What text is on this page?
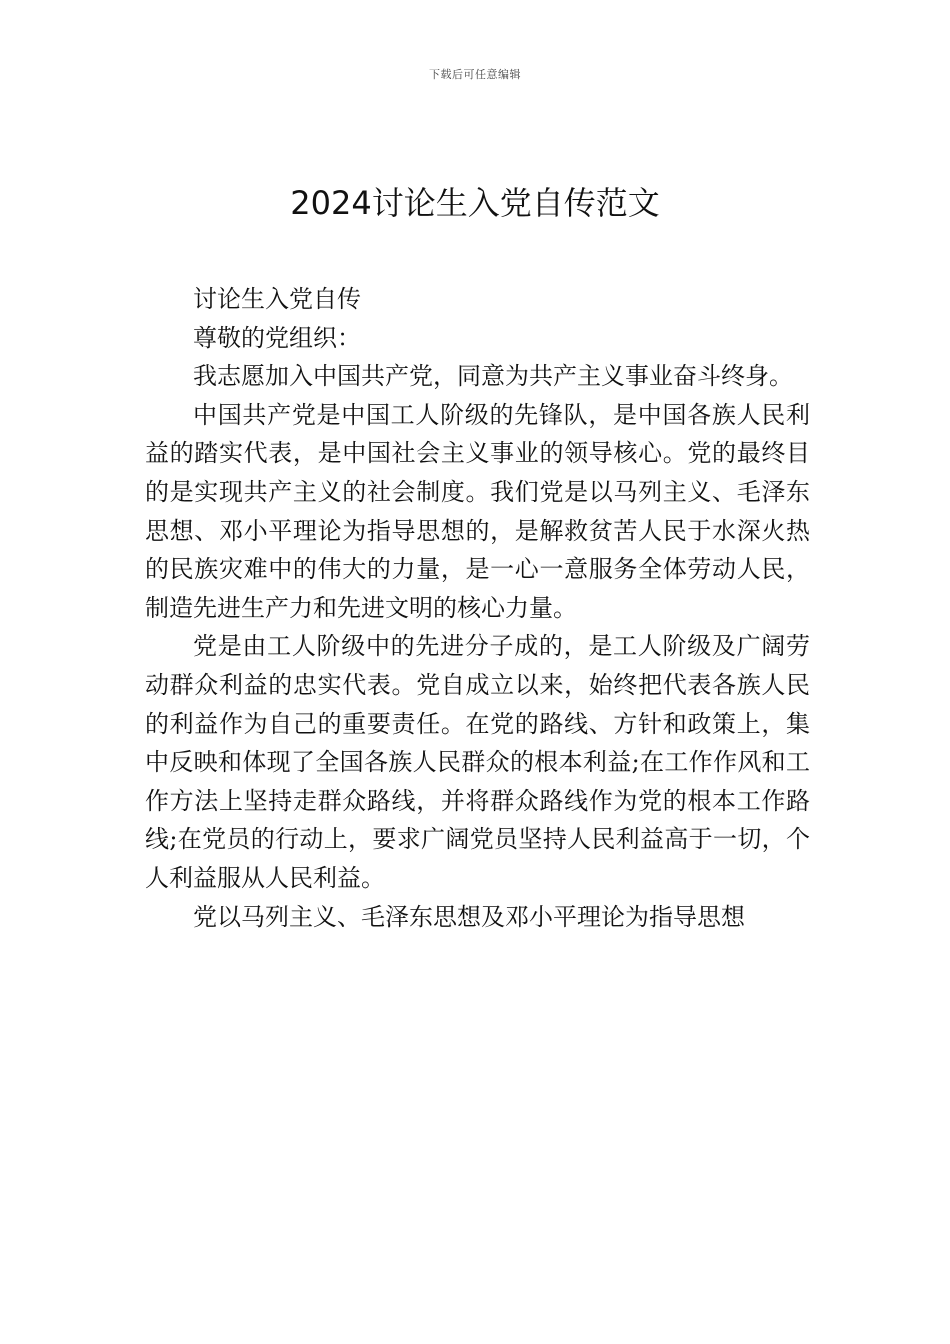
下载后可任意编辑
2024讨论生入党自传范文

讨论生入党自传

尊敬的党组织：

我志愿加入中国共产党，同意为共产主义事业奋斗终身。

中国共产党是中国工人阶级的先锋队，是中国各族人民利益的踏实代表，是中国社会主义事业的领导核心。党的最终目的是实现共产主义的社会制度。我们党是以马列主义、毛泽东思想、邓小平理论为指导思想的，是解救贫苦人民于水深火热的民族灾难中的伟大的力量，是一心一意服务全体劳动人民，制造先进生产力和先进文明的核心力量。

党是由工人阶级中的先进分子成的，是工人阶级及广阔劳动群众利益的忠实代表。党自成立以来，始终把代表各族人民的利益作为自己的重要责任。在党的路线、方针和政策上，集中反映和体现了全国各族人民群众的根本利益;在工作作风和工作方法上坚持走群众路线，并将群众路线作为党的根本工作路线;在党员的行动上，要求广阔党员坚持人民利益高于一切，个人利益服从人民利益。

党以马列主义、毛泽东思想及邓小平理论为指导思想
